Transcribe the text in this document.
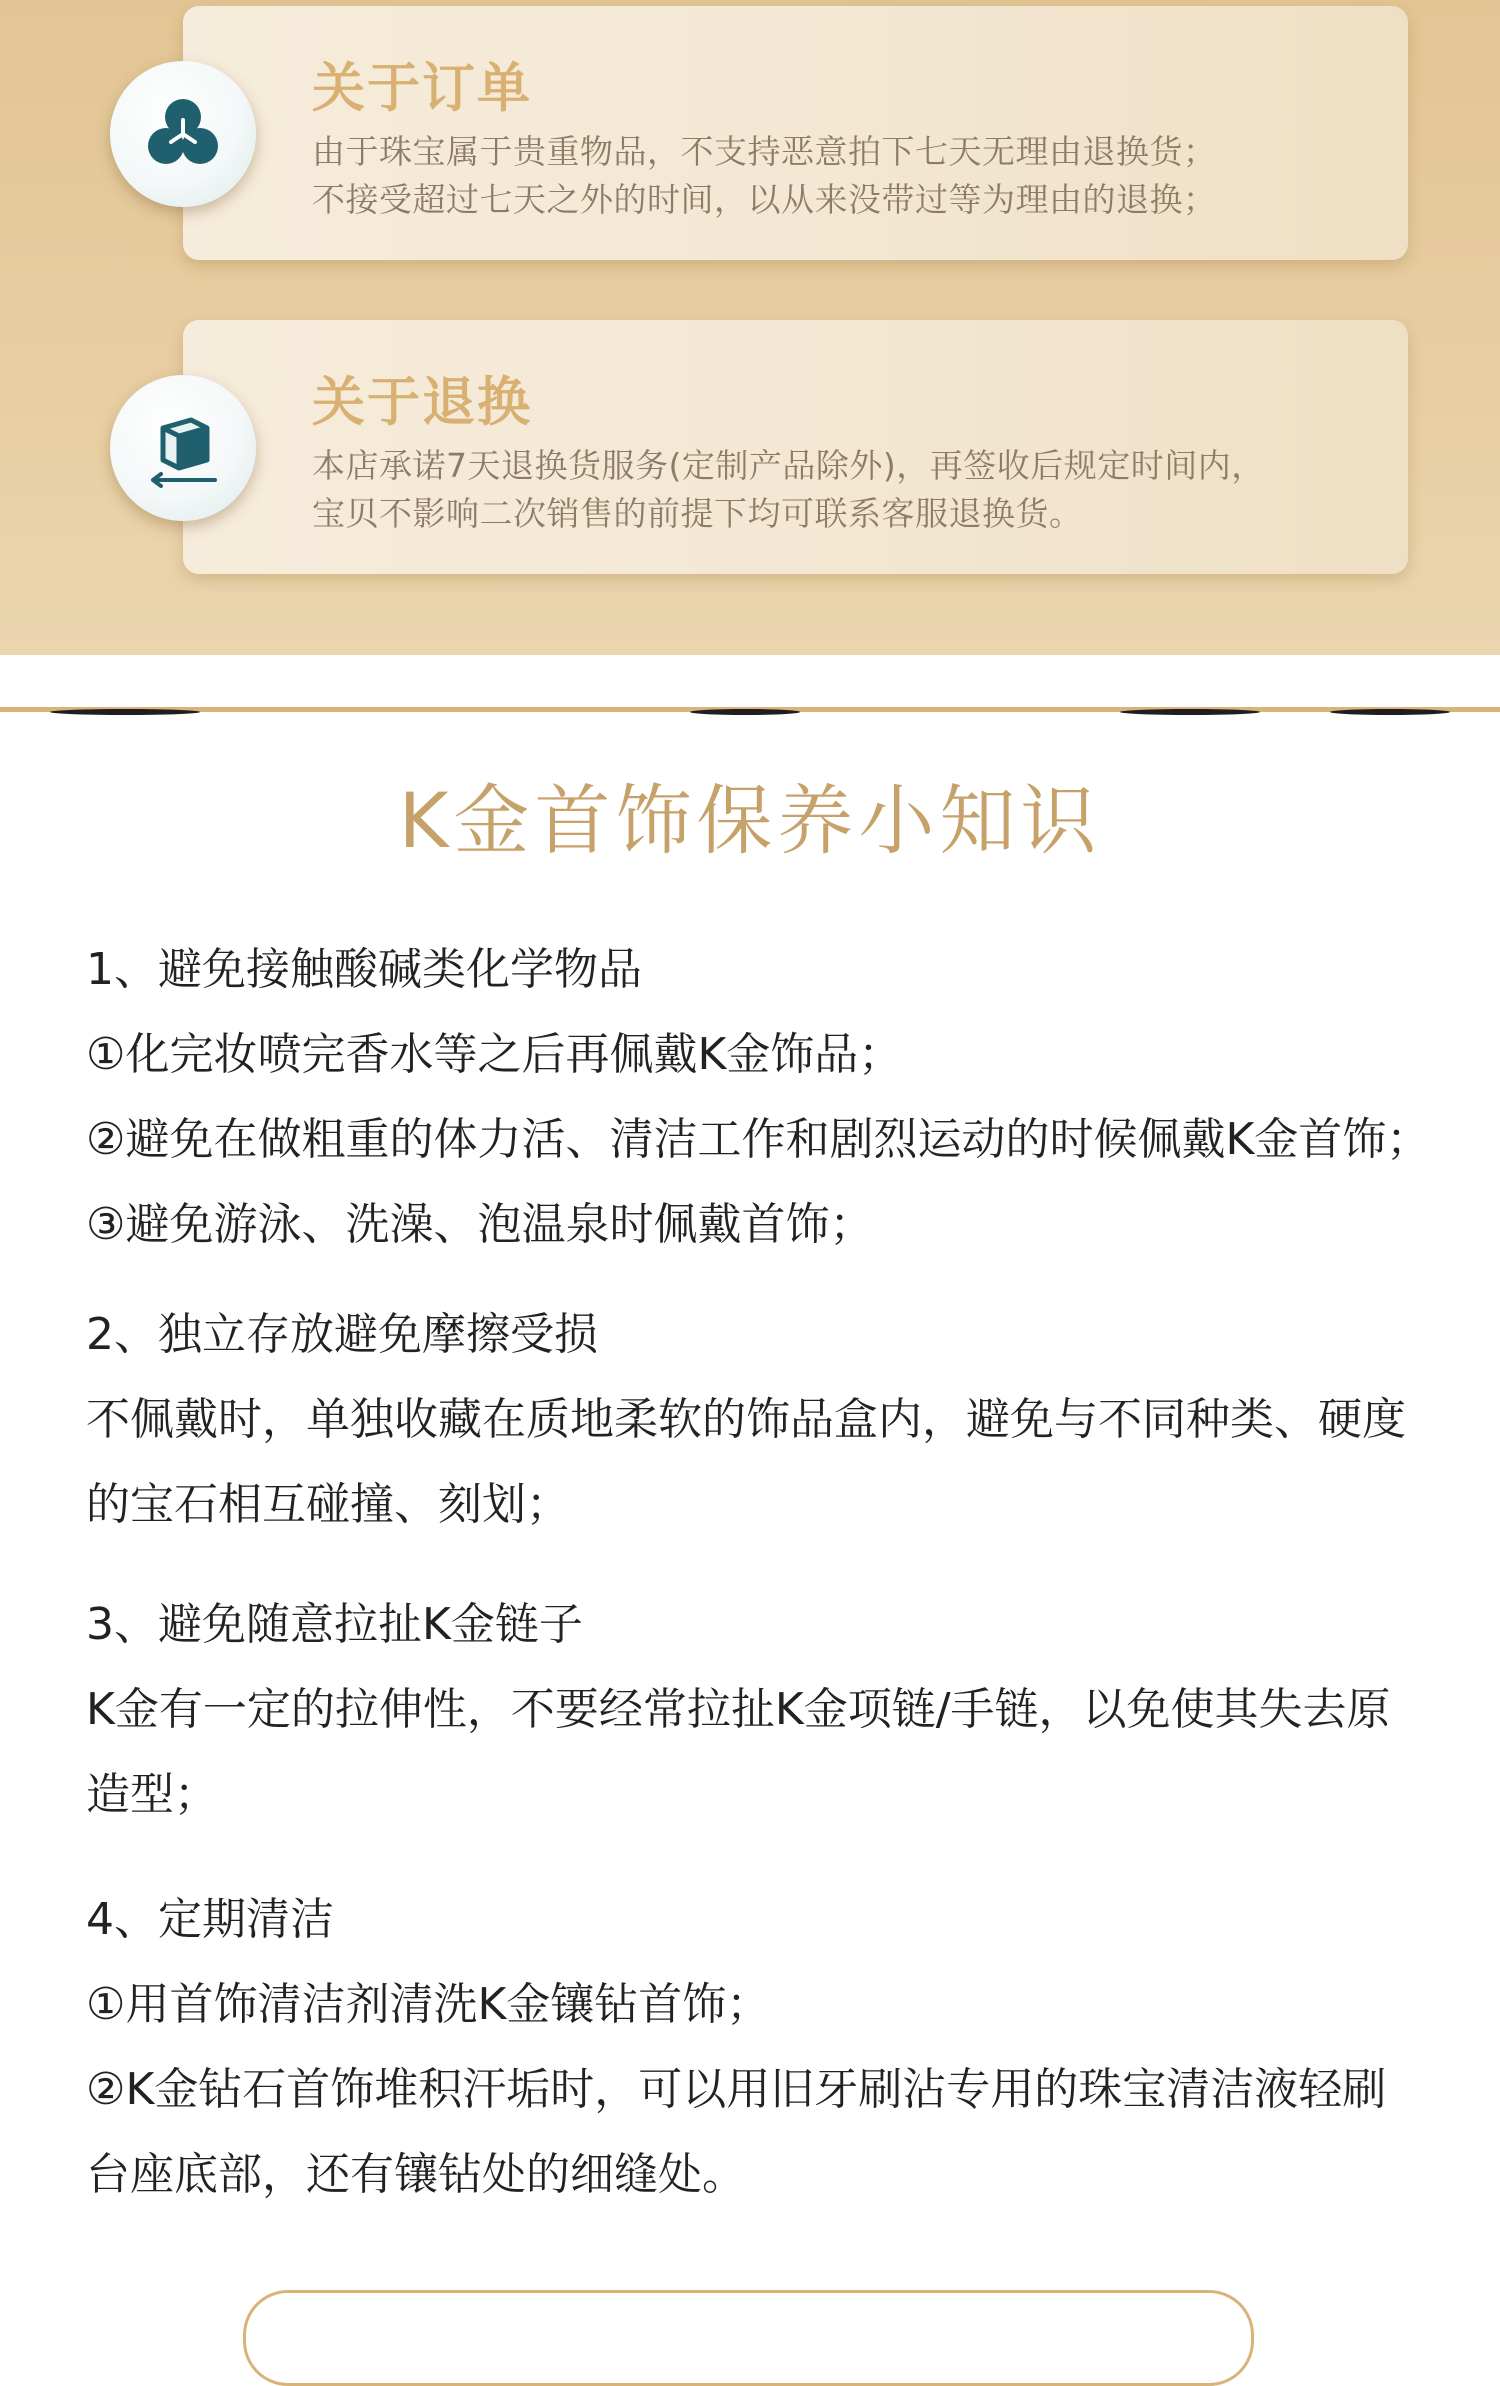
关于订单
由于珠宝属于贵重物品，不支持恶意拍下七天无理由退换货；
不接受超过七天之外的时间，以从来没带过等为理由的退换；
关于退换
本店承诺7天退换货服务(定制产品除外)，再签收后规定时间内，
宝贝不影响二次销售的前提下均可联系客服退换货。
K金首饰保养小知识
1、避免接触酸碱类化学物品
①化完妆喷完香水等之后再佩戴K金饰品；
②避免在做粗重的体力活、清洁工作和剧烈运动的时候佩戴K金首饰；
③避免游泳、洗澡、泡温泉时佩戴首饰；
2、独立存放避免摩擦受损
不佩戴时，单独收藏在质地柔软的饰品盒内，避免与不同种类、硬度
的宝石相互碰撞、刻划；
3、避免随意拉扯K金链子
K金有一定的拉伸性，不要经常拉扯K金项链/手链，以免使其失去原
造型；
4、定期清洁
①用首饰清洁剂清洗K金镶钻首饰；
②K金钻石首饰堆积汗垢时，可以用旧牙刷沾专用的珠宝清洁液轻刷
台座底部，还有镶钻处的细缝处。
